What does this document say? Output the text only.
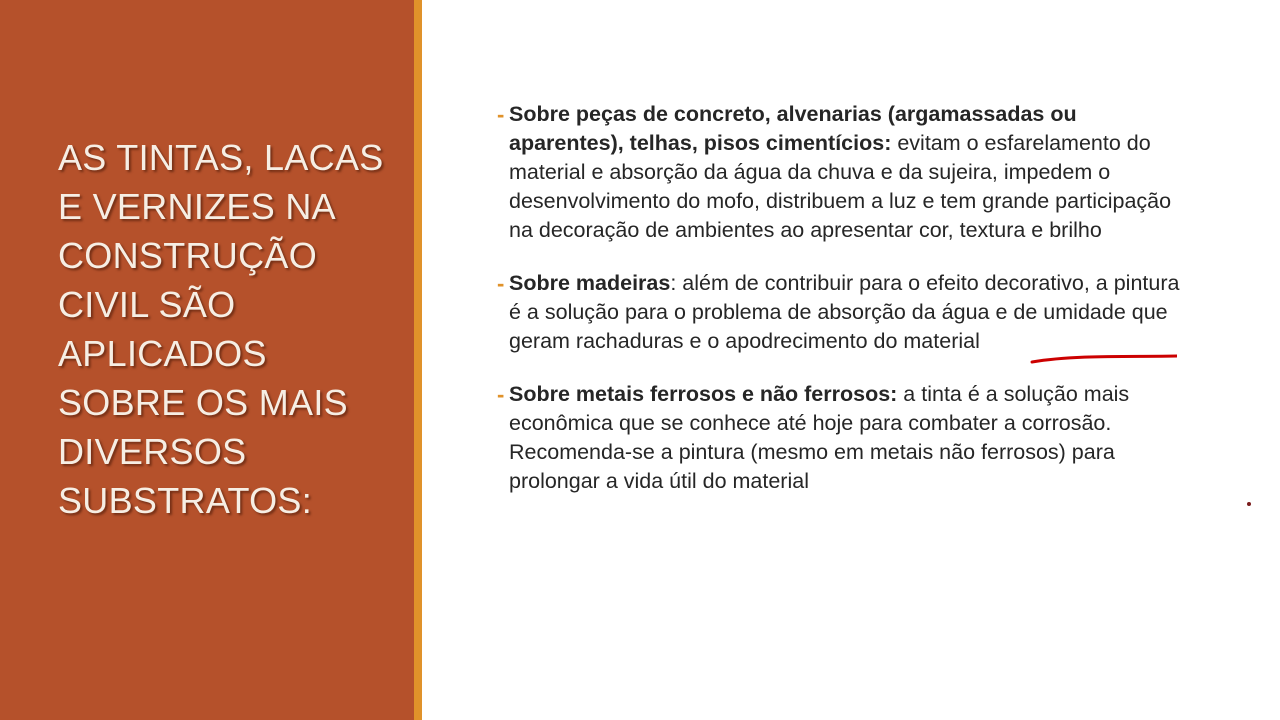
AS TINTAS, LACAS E VERNIZES NA CONSTRUÇÃO CIVIL SÃO APLICADOS SOBRE OS MAIS DIVERSOS SUBSTRATOS:
- Sobre peças de concreto, alvenarias (argamassadas ou aparentes), telhas, pisos cimentícios: evitam o esfarelamento do material e absorção da água da chuva e da sujeira, impedem o desenvolvimento do mofo, distribuem a luz e tem grande participação na decoração de ambientes ao apresentar cor, textura e brilho
- Sobre madeiras: além de contribuir para o efeito decorativo, a pintura é a solução para o problema de absorção da água e de umidade que geram rachaduras e o apodrecimento do material
- Sobre metais ferrosos e não ferrosos: a tinta é a solução mais econômica que se conhece até hoje para combater a corrosão. Recomenda-se a pintura (mesmo em metais não ferrosos) para prolongar a vida útil do material
